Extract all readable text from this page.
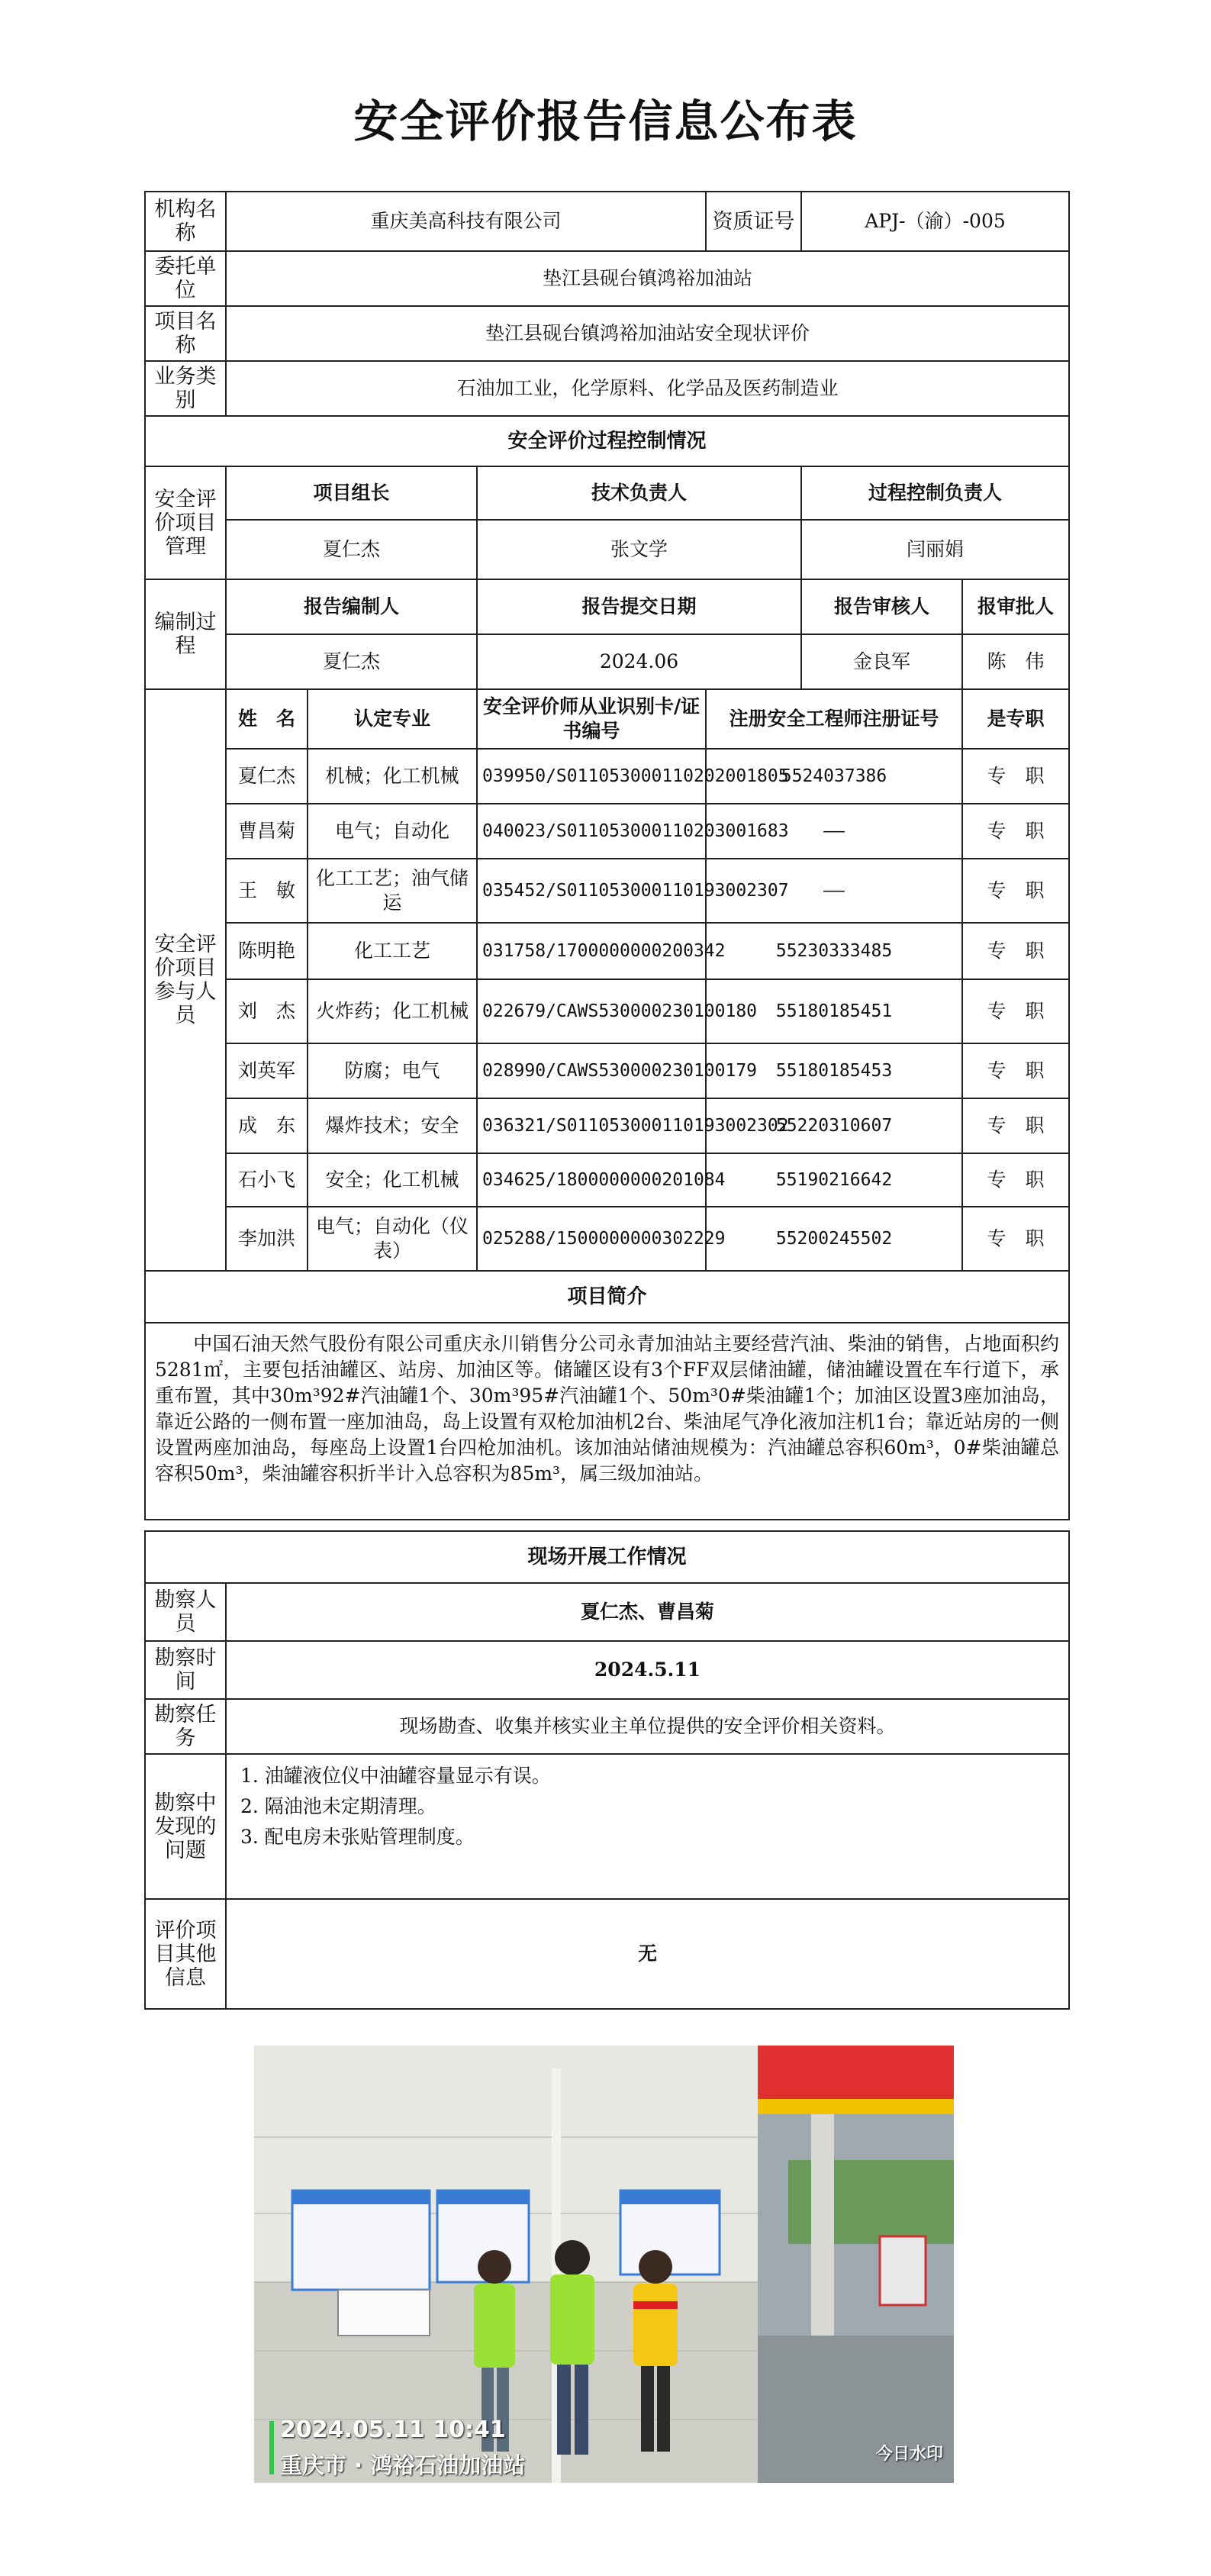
安全评价报告信息公布表
机构名称	重庆美高科技有限公司			资质证号	APJ-（渝）-005	
委托单位	垫江县砚台镇鸿裕加油站					
项目名称	垫江县砚台镇鸿裕加油站安全现状评价					
业务类别	石油加工业，化学原料、化学品及医药制造业					
安全评价过程控制情况						
安全评价项目管理	项目组长		技术负责人		过程控制负责人	
	夏仁杰		张文学		闫丽娟	
编制过程	报告编制人		报告提交日期		报告审核人	报审批人
	夏仁杰		2024.06		金良军	陈　伟
安全评价项目参与人员	姓　名	认定专业	安全评价师从业识别卡/证书编号	注册安全工程师注册证号		是专职
	夏仁杰	机械；化工机械	039950/S011053000110202001805	5524037386		专　职
	曹昌菊	电气；自动化	040023/S011053000110203001683	——		专　职
	王　敏	化工工艺；油气储运	035452/S011053000110193002307	——		专　职
	陈明艳	化工工艺	031758/1700000000200342	55230333485		专　职
	刘　杰	火炸药；化工机械	022679/CAWS530000230100180	55180185451		专　职
	刘英军	防腐；电气	028990/CAWS530000230100179	55180185453		专　职
	成　东	爆炸技术；安全	036321/S011053000110193002302	55220310607		专　职
	石小飞	安全；化工机械	034625/1800000000201084	55190216642		专　职
	李加洪	电气；自动化（仪表）	025288/1500000000302229	55200245502		专　职
项目简介						
中国石油天然气股份有限公司重庆永川销售分公司永青加油站主要经营汽油、柴油的销售，占地面积约5281㎡，主要包括油罐区、站房、加油区等。储罐区设有3个FF双层储油罐，储油罐设置在车行道下，承重布置，其中30m³92#汽油罐1个、30m³95#汽油罐1个、50m³0#柴油罐1个；加油区设置3座加油岛，靠近公路的一侧布置一座加油岛，岛上设置有双枪加油机2台、柴油尾气净化液加注机1台；靠近站房的一侧设置两座加油岛，每座岛上设置1台四枪加油机。该加油站储油规模为：汽油罐总容积60m³，0#柴油罐总容积50m³，柴油罐容积折半计入总容积为85m³，属三级加油站。						
现场开展工作情况	
勘察人员	夏仁杰、曹昌菊
勘察时间	2024.5.11
勘察任务	现场勘查、收集并核实业主单位提供的安全评价相关资料。
勘察中发现的问题	1. 油罐液位仪中油罐容量显示有误。
2. 隔油池未定期清理。
3. 配电房未张贴管理制度。

评价项目其他信息	无
2024.05.11 10:41
重庆市 · 鸿裕石油加油站	今日水印
